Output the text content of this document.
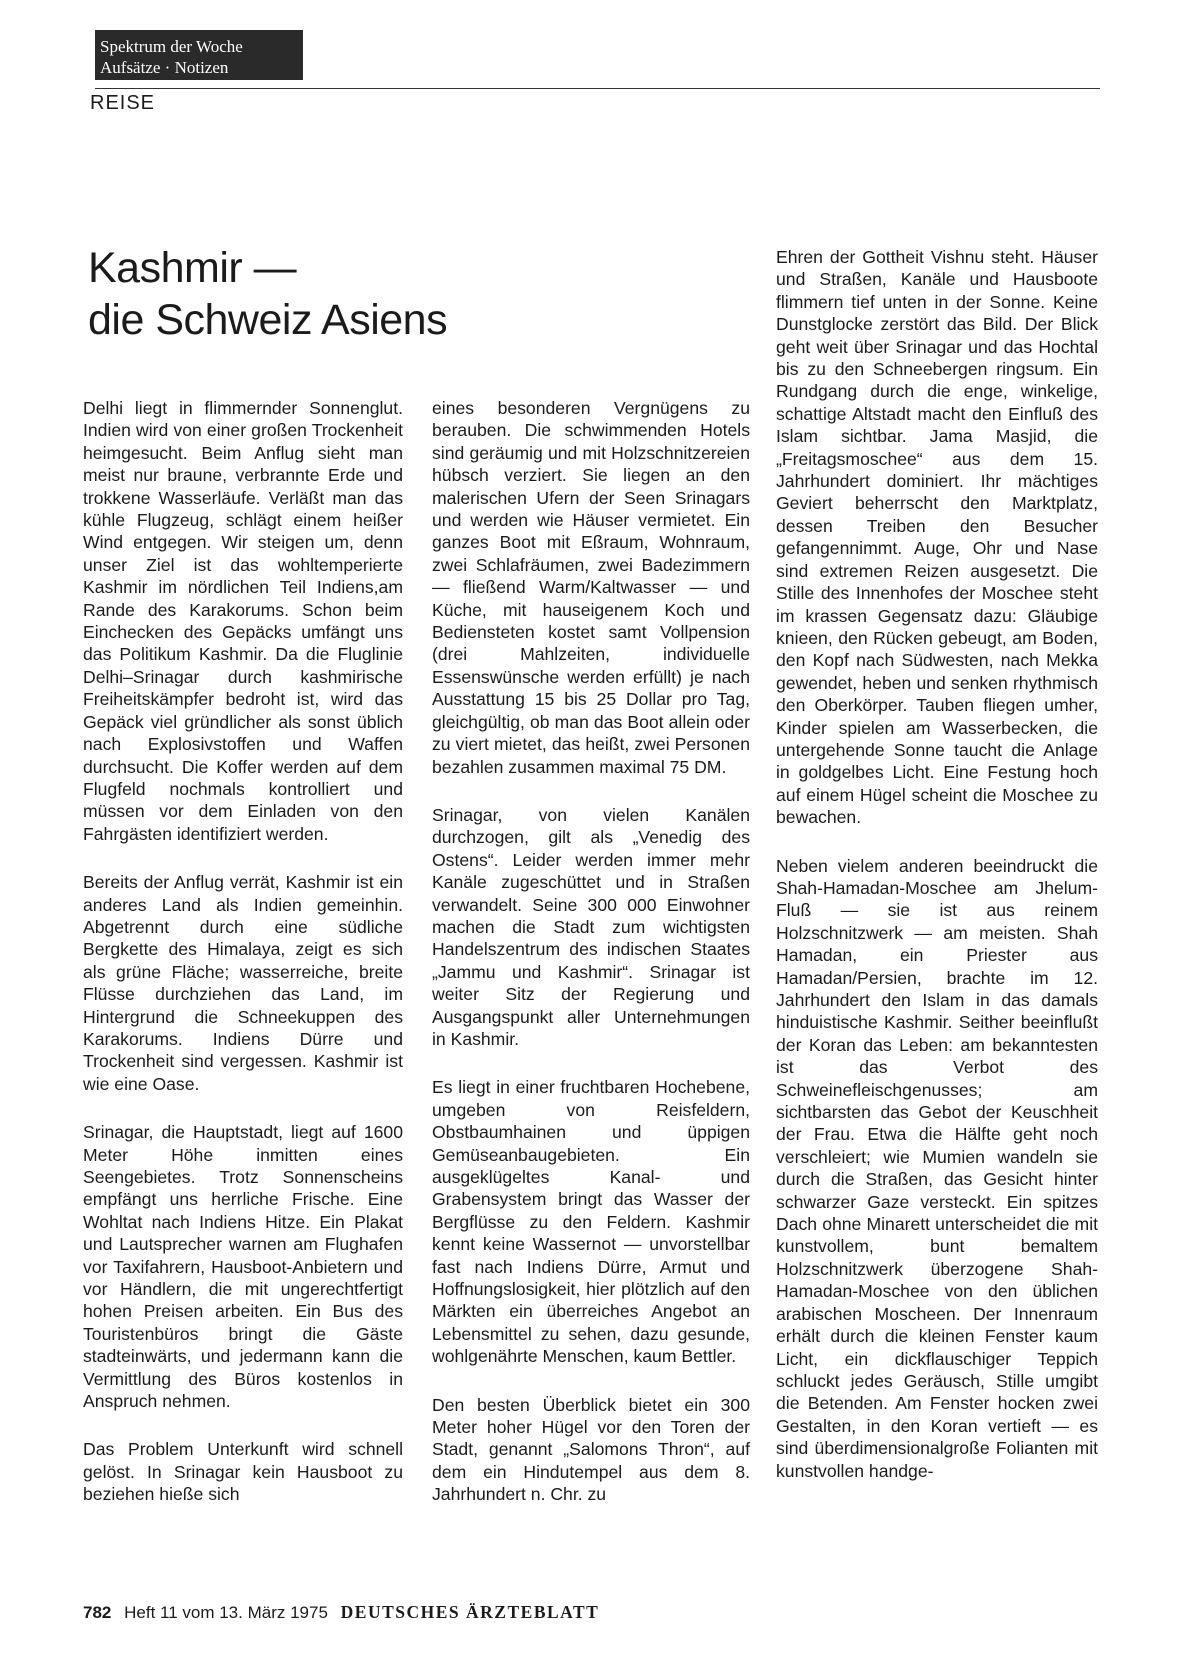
Spektrum der Woche
Aufsätze · Notizen
REISE
Kashmir —
die Schweiz Asiens

Delhi liegt in flimmernder Sonnenglut. Indien wird von einer großen Trockenheit heimgesucht. Beim Anflug sieht man meist nur braune, verbrannte Erde und trokkene Wasserläufe. Verläßt man das kühle Flugzeug, schlägt einem heißer Wind entgegen. Wir steigen um, denn unser Ziel ist das wohltemperierte Kashmir im nördlichen Teil Indiens,am Rande des Karakorums. Schon beim Einchecken des Gepäcks umfängt uns das Politikum Kashmir. Da die Fluglinie Delhi–Srinagar durch kashmirische Freiheitskämpfer bedroht ist, wird das Gepäck viel gründlicher als sonst üblich nach Explosivstoffen und Waffen durchsucht. Die Koffer werden auf dem Flugfeld nochmals kontrolliert und müssen vor dem Einladen von den Fahrgästen identifiziert werden.

Bereits der Anflug verrät, Kashmir ist ein anderes Land als Indien gemeinhin. Abgetrennt durch eine südliche Bergkette des Himalaya, zeigt es sich als grüne Fläche; wasserreiche, breite Flüsse durchziehen das Land, im Hintergrund die Schneekuppen des Karakorums. Indiens Dürre und Trockenheit sind vergessen. Kashmir ist wie eine Oase.

Srinagar, die Hauptstadt, liegt auf 1600 Meter Höhe inmitten eines Seengebietes. Trotz Sonnenscheins empfängt uns herrliche Frische. Eine Wohltat nach Indiens Hitze. Ein Plakat und Lautsprecher warnen am Flughafen vor Taxifahrern, Hausboot-Anbietern und vor Händlern, die mit ungerechtfertigt hohen Preisen arbeiten. Ein Bus des Touristenbüros bringt die Gäste stadteinwärts, und jedermann kann die Vermittlung des Büros kostenlos in Anspruch nehmen.

Das Problem Unterkunft wird schnell gelöst. In Srinagar kein Hausboot zu beziehen hieße sich

eines besonderen Vergnügens zu berauben. Die schwimmenden Hotels sind geräumig und mit Holzschnitzereien hübsch verziert. Sie liegen an den malerischen Ufern der Seen Srinagars und werden wie Häuser vermietet. Ein ganzes Boot mit Eßraum, Wohnraum, zwei Schlafräumen, zwei Badezimmern — fließend Warm/Kaltwasser — und Küche, mit hauseigenem Koch und Bediensteten kostet samt Vollpension (drei Mahlzeiten, individuelle Essenswünsche werden erfüllt) je nach Ausstattung 15 bis 25 Dollar pro Tag, gleichgültig, ob man das Boot allein oder zu viert mietet, das heißt, zwei Personen bezahlen zusammen maximal 75 DM.

Srinagar, von vielen Kanälen durchzogen, gilt als „Venedig des Ostens“. Leider werden immer mehr Kanäle zugeschüttet und in Straßen verwandelt. Seine 300 000 Einwohner machen die Stadt zum wichtigsten Handelszentrum des indischen Staates „Jammu und Kashmir“. Srinagar ist weiter Sitz der Regierung und Ausgangspunkt aller Unternehmungen in Kashmir.

Es liegt in einer fruchtbaren Hochebene, umgeben von Reisfeldern, Obstbaumhainen und üppigen Gemüseanbaugebieten. Ein ausgeklügeltes Kanal- und Grabensystem bringt das Wasser der Bergflüsse zu den Feldern. Kashmir kennt keine Wassernot — unvorstellbar fast nach Indiens Dürre, Armut und Hoffnungslosigkeit, hier plötzlich auf den Märkten ein überreiches Angebot an Lebensmittel zu sehen, dazu gesunde, wohlgenährte Menschen, kaum Bettler.

Den besten Überblick bietet ein 300 Meter hoher Hügel vor den Toren der Stadt, genannt „Salomons Thron“, auf dem ein Hindutempel aus dem 8. Jahrhundert n. Chr. zu

Ehren der Gottheit Vishnu steht. Häuser und Straßen, Kanäle und Hausboote flimmern tief unten in der Sonne. Keine Dunstglocke zerstört das Bild. Der Blick geht weit über Srinagar und das Hochtal bis zu den Schneebergen ringsum. Ein Rundgang durch die enge, winkelige, schattige Altstadt macht den Einfluß des Islam sichtbar. Jama Masjid, die „Freitagsmoschee“ aus dem 15. Jahrhundert dominiert. Ihr mächtiges Geviert beherrscht den Marktplatz, dessen Treiben den Besucher gefangennimmt. Auge, Ohr und Nase sind extremen Reizen ausgesetzt. Die Stille des Innenhofes der Moschee steht im krassen Gegensatz dazu: Gläubige knieen, den Rücken gebeugt, am Boden, den Kopf nach Südwesten, nach Mekka gewendet, heben und senken rhythmisch den Oberkörper. Tauben fliegen umher, Kinder spielen am Wasserbecken, die untergehende Sonne taucht die Anlage in goldgelbes Licht. Eine Festung hoch auf einem Hügel scheint die Moschee zu bewachen.

Neben vielem anderen beeindruckt die Shah-Hamadan-Moschee am Jhelum-Fluß — sie ist aus reinem Holzschnitzwerk — am meisten. Shah Hamadan, ein Priester aus Hamadan/Persien, brachte im 12. Jahrhundert den Islam in das damals hinduistische Kashmir. Seither beeinflußt der Koran das Leben: am bekanntesten ist das Verbot des Schweinefleischgenusses; am sichtbarsten das Gebot der Keuschheit der Frau. Etwa die Hälfte geht noch verschleiert; wie Mumien wandeln sie durch die Straßen, das Gesicht hinter schwarzer Gaze versteckt. Ein spitzes Dach ohne Minarett unterscheidet die mit kunstvollem, bunt bemaltem Holzschnitzwerk überzogene Shah-Hamadan-Moschee von den üblichen arabischen Moscheen. Der Innenraum erhält durch die kleinen Fenster kaum Licht, ein dickflauschiger Teppich schluckt jedes Geräusch, Stille umgibt die Betenden. Am Fenster hocken zwei Gestalten, in den Koran vertieft — es sind überdimensionalgroße Folianten mit kunstvollen handge-

782 Heft 11 vom 13. März 1975 DEUTSCHES ÄRZTEBLATT
